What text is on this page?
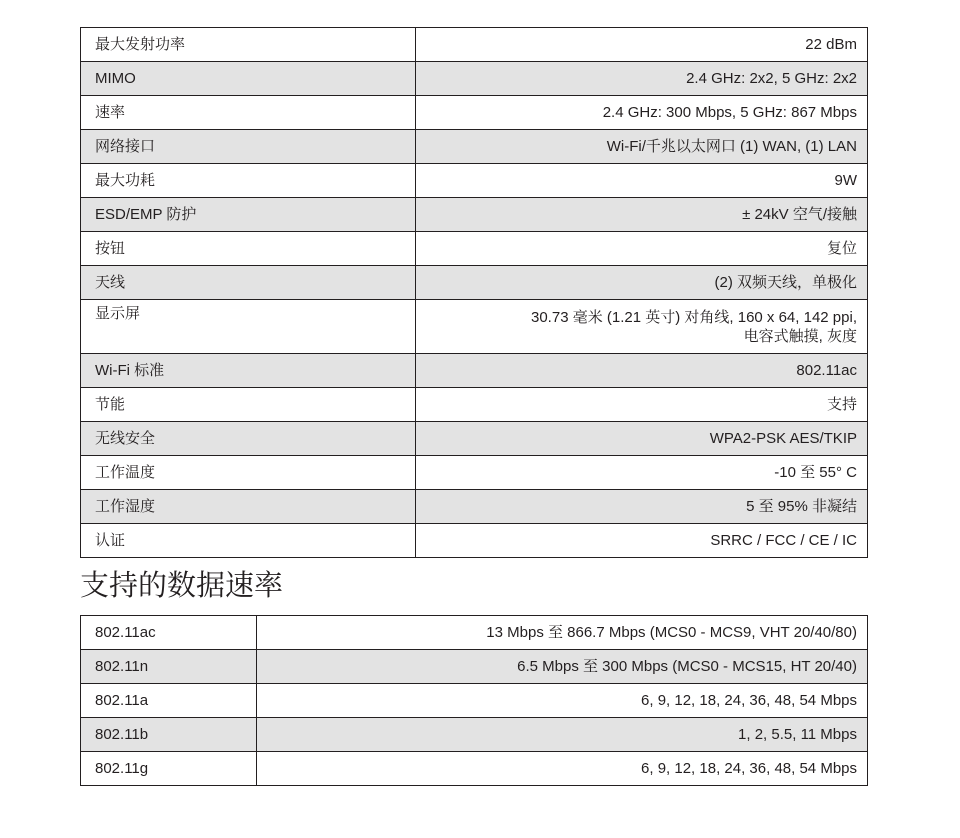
最大发射功率	22 dBm
MIMO	2.4 GHz: 2x2, 5 GHz: 2x2
速率	2.4 GHz: 300 Mbps, 5 GHz: 867 Mbps
网络接口	Wi-Fi/千兆以太网口 (1) WAN, (1) LAN
最大功耗	9W
ESD/EMP 防护	± 24kV 空气/接触
按钮	复位
天线	(2) 双频天线，单极化
显示屏	30.73 毫米 (1.21 英寸) 对角线, 160 x 64, 142 ppi,
电容式触摸, 灰度

Wi-Fi 标准	802.11ac
节能	支持
无线安全	WPA2-PSK AES/TKIP
工作温度	-10 至 55° C
工作湿度	5 至 95% 非凝结
认证	SRRC / FCC / CE / IC
支持的数据速率
802.11ac	13 Mbps 至 866.7 Mbps (MCS0 - MCS9, VHT 20/40/80)
802.11n	6.5 Mbps 至 300 Mbps (MCS0 - MCS15, HT 20/40)
802.11a	6, 9, 12, 18, 24, 36, 48, 54 Mbps
802.11b	1, 2, 5.5, 11 Mbps
802.11g	6, 9, 12, 18, 24, 36, 48, 54 Mbps
